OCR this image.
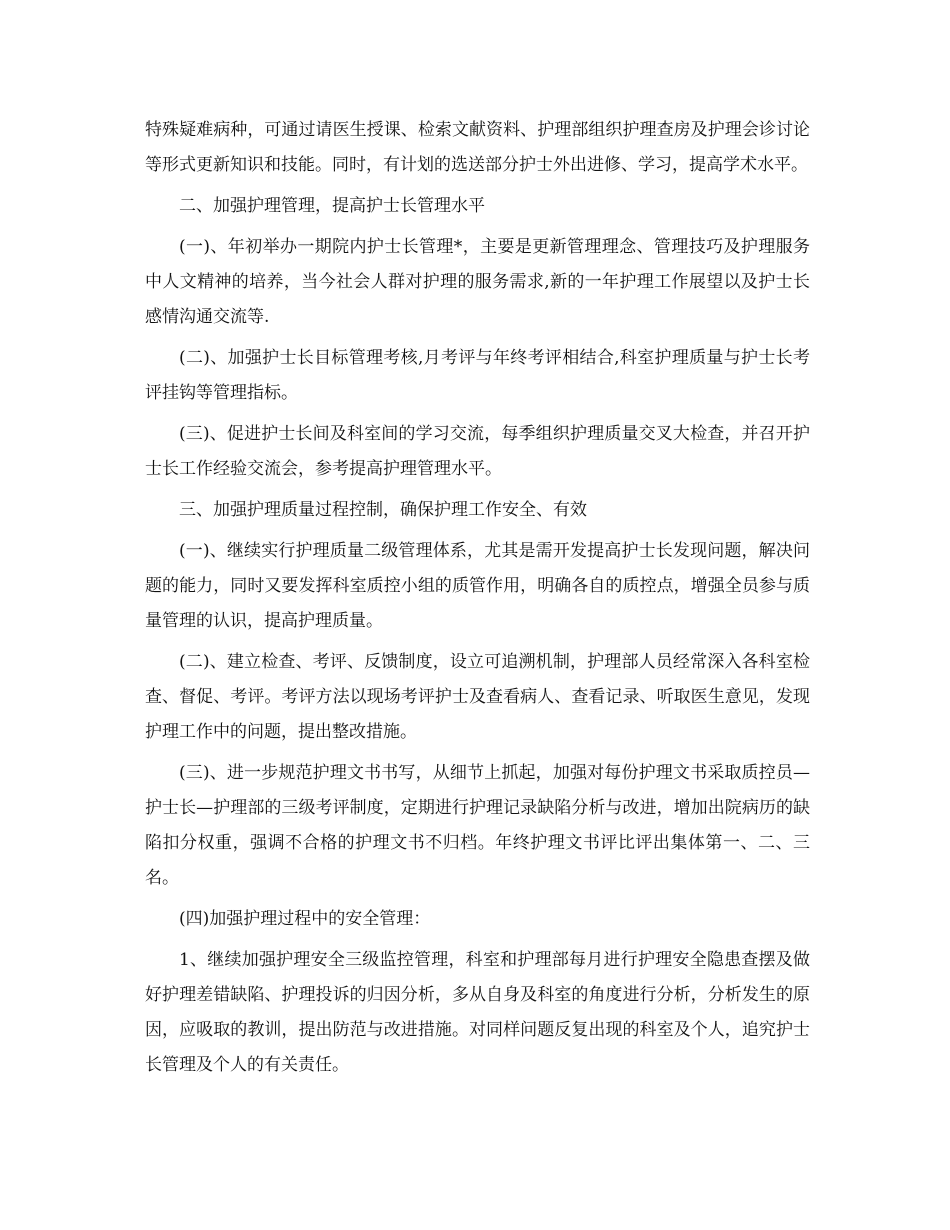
特殊疑难病种，可通过请医生授课、检索文献资料、护理部组织护理查房及护理会诊讨论等形式更新知识和技能。同时，有计划的选送部分护士外出进修、学习，提高学术水平。

二、加强护理管理，提高护士长管理水平

(一)、年初举办一期院内护士长管理*，主要是更新管理理念、管理技巧及护理服务中人文精神的培养，当今社会人群对护理的服务需求,新的一年护理工作展望以及护士长感情沟通交流等.

(二)、加强护士长目标管理考核,月考评与年终考评相结合,科室护理质量与护士长考评挂钩等管理指标。

(三)、促进护士长间及科室间的学习交流，每季组织护理质量交叉大检查，并召开护士长工作经验交流会，参考提高护理管理水平。

三、加强护理质量过程控制，确保护理工作安全、有效

(一)、继续实行护理质量二级管理体系，尤其是需开发提高护士长发现问题，解决问题的能力，同时又要发挥科室质控小组的质管作用，明确各自的质控点，增强全员参与质量管理的认识，提高护理质量。

(二)、建立检查、考评、反馈制度，设立可追溯机制，护理部人员经常深入各科室检查、督促、考评。考评方法以现场考评护士及查看病人、查看记录、听取医生意见，发现护理工作中的问题，提出整改措施。

(三)、进一步规范护理文书书写，从细节上抓起，加强对每份护理文书采取质控员—护士长—护理部的三级考评制度，定期进行护理记录缺陷分析与改进，增加出院病历的缺陷扣分权重，强调不合格的护理文书不归档。年终护理文书评比评出集体第一、二、三名。

(四)加强护理过程中的安全管理：

1、继续加强护理安全三级监控管理，科室和护理部每月进行护理安全隐患查摆及做好护理差错缺陷、护理投诉的归因分析，多从自身及科室的角度进行分析，分析发生的原因，应吸取的教训，提出防范与改进措施。对同样问题反复出现的科室及个人，追究护士长管理及个人的有关责任。
